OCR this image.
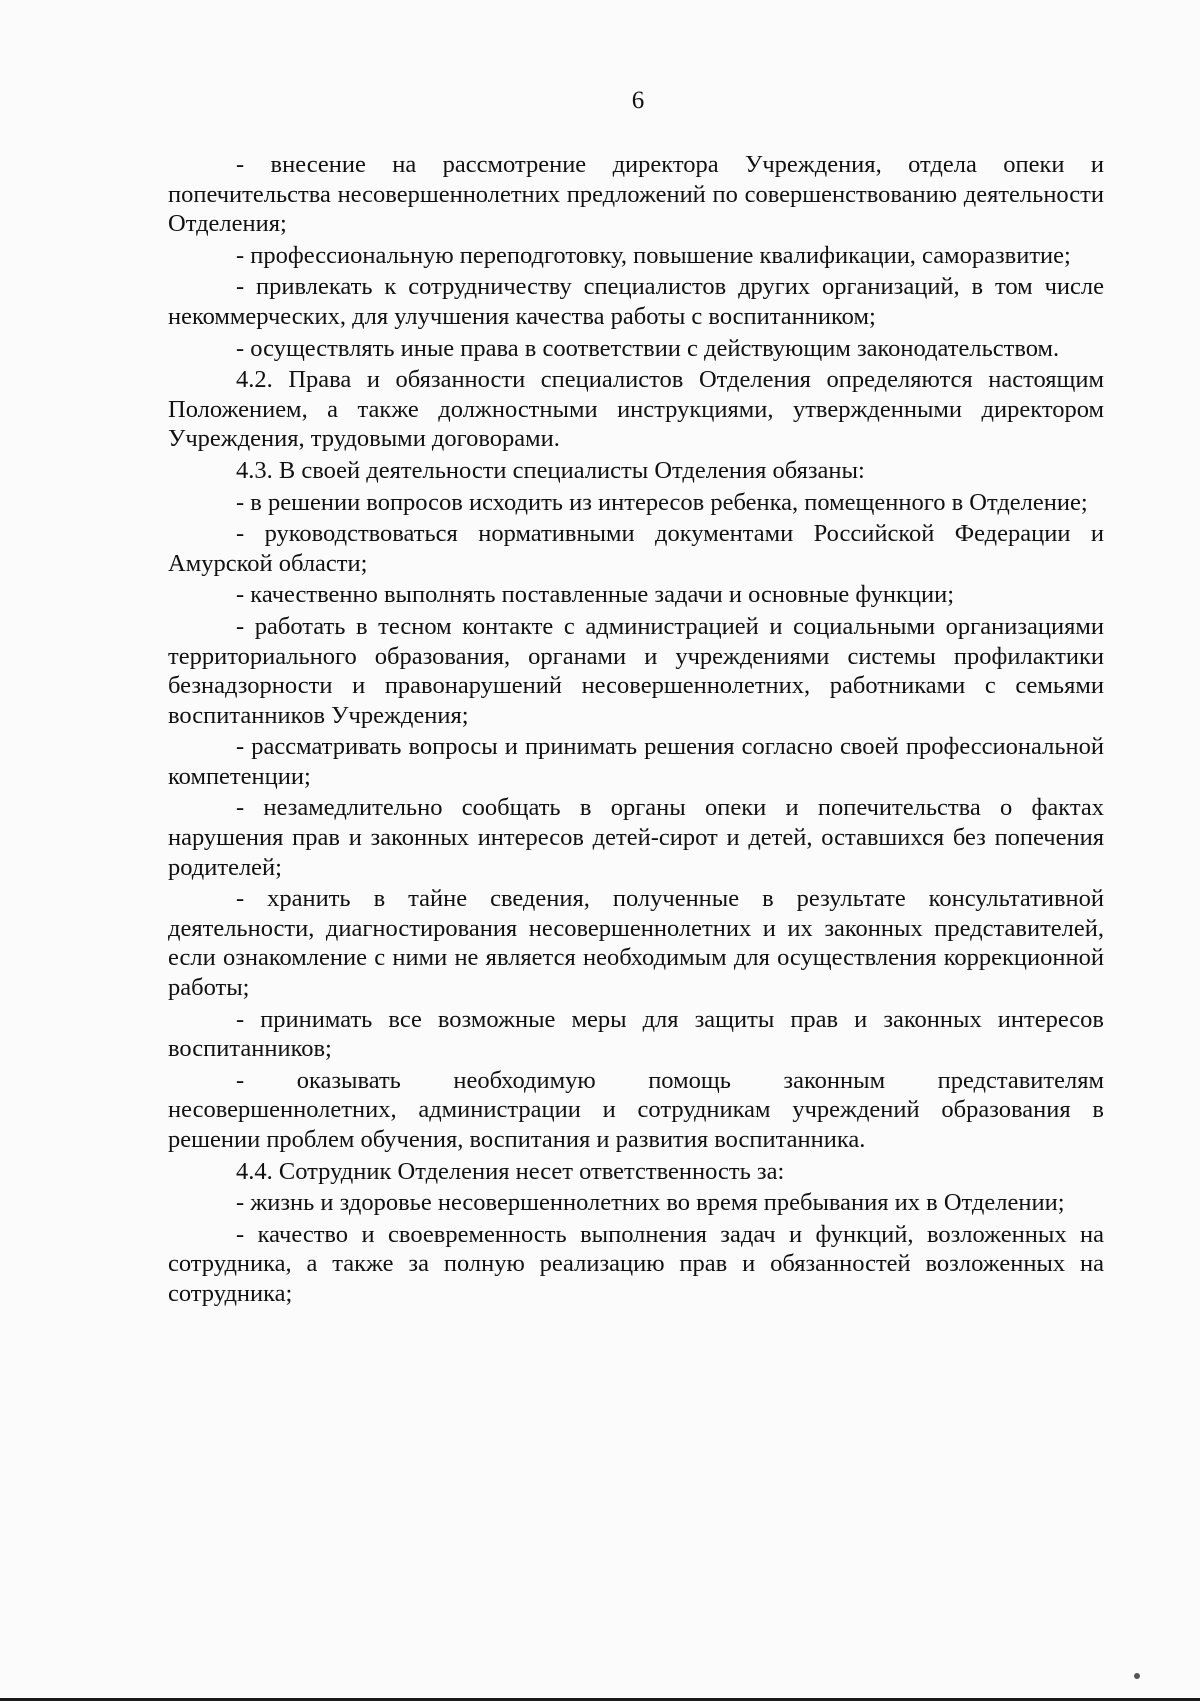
6

- внесение на рассмотрение директора Учреждения, отдела опеки и попечительства несовершеннолетних предложений по совершенствованию деятельности Отделения;

- профессиональную переподготовку, повышение квалификации, саморазвитие;

- привлекать к сотрудничеству специалистов других организаций, в том числе некоммерческих, для улучшения качества работы с воспитанником;

- осуществлять иные права в соответствии с действующим законодательством.

4.2. Права и обязанности специалистов Отделения определяются настоящим Положением, а также должностными инструкциями, утвержденными директором Учреждения, трудовыми договорами.

4.3. В своей деятельности специалисты Отделения обязаны:

- в решении вопросов исходить из интересов ребенка, помещенного в Отделение;

- руководствоваться нормативными документами Российской Федерации и Амурской области;

- качественно выполнять поставленные задачи и основные функции;

- работать в тесном контакте с администрацией и социальными организациями территориального образования, органами и учреждениями системы профилактики безнадзорности и правонарушений несовершеннолетних, работниками с семьями воспитанников Учреждения;

- рассматривать вопросы и принимать решения согласно своей профессиональной компетенции;

- незамедлительно сообщать в органы опеки и попечительства о фактах нарушения прав и законных интересов детей-сирот и детей, оставшихся без попечения родителей;

- хранить в тайне сведения, полученные в результате консультативной деятельности, диагностирования несовершеннолетних и их законных представителей, если ознакомление с ними не является необходимым для осуществления коррекционной работы;

- принимать все возможные меры для защиты прав и законных интересов воспитанников;

- оказывать необходимую помощь законным представителям несовершеннолетних, администрации и сотрудникам учреждений образования в решении проблем обучения, воспитания и развития воспитанника.

4.4. Сотрудник Отделения несет ответственность за:

- жизнь и здоровье несовершеннолетних во время пребывания их в Отделении;

- качество и своевременность выполнения задач и функций, возложенных на сотрудника, а также за полную реализацию прав и обязанностей возложенных на сотрудника;
